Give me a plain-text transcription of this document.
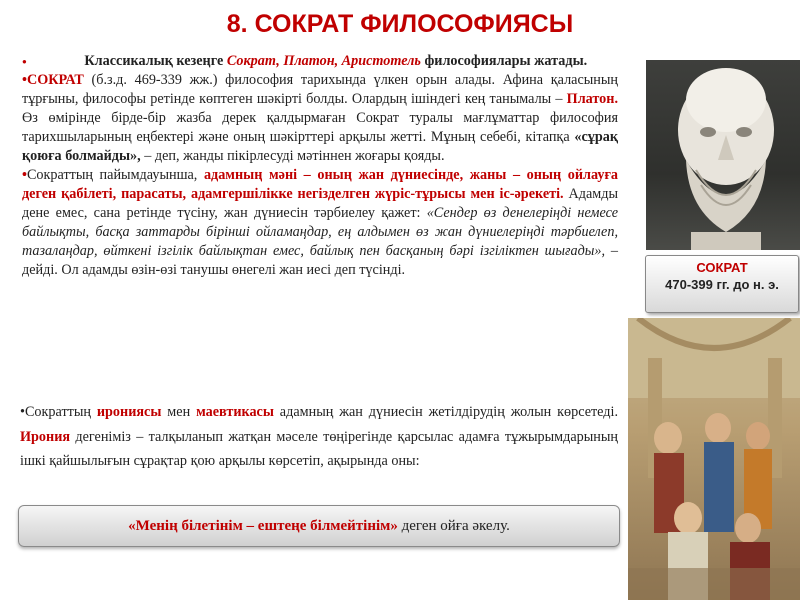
8. СОКРАТ ФИЛОСОФИЯСЫ

●	Классикалық кезеңге Сократ, Платон, Аристотель философиялары жатады.

•СОКРАТ (б.з.д. 469-339 жж.) философия тарихында үлкен орын алады. Афина қаласының тұрғыны, философы ретінде көптеген шәкірті болды. Олардың ішіндегі кең танымалы – Платон. Өз өмірінде бірде-бір жазба дерек қалдырмаған Сократ туралы мағлұматтар философия тарихшыларының еңбектері және оның шәкірттері арқылы жетті. Мұның себебі, кітапқа «сұрақ қоюға болмайды», – деп, жанды пікірлесуді мәтіннен жоғары қояды.

•Сократтың пайымдауынша, адамның мәні – оның жан дүниесінде, жаны – оның ойлауға деген қабілеті, парасаты, адамгершілікке негізделген жүріс-тұрысы мен іс-әрекеті. Адамды дене емес, сана ретінде түсіну, жан дүниесін тәрбиелеу қажет: «Сендер өз денелеріңді немесе байлықты, басқа заттарды біріншi ойламаңдар, ең алдымен өз жан дүниелеріңді тәрбиелеп, тазалаңдар, өйткені ізгілік байлықтан емес, байлық пен басқаның бәрі ізгіліктен шығады», – дейді. Ол адамды өзін-өзі танушы өнегелі жан иесі деп түсінді.

•Сократтың ирониясы мен маевтикасы адамның жан дүниесін жетілдірудің жолын көрсетеді. Ирония дегеніміз – талқыланып жатқан мәселе төңірегінде қарсылас адамға тұжырымдарының ішкі қайшылығын сұрақтар қою арқылы көрсетіп, ақырында оны:

СОКРАТ
470-399 гг. до н. э.
«Менің білетінім – ештеңе білмейтінім» деген ойға әкелу.
